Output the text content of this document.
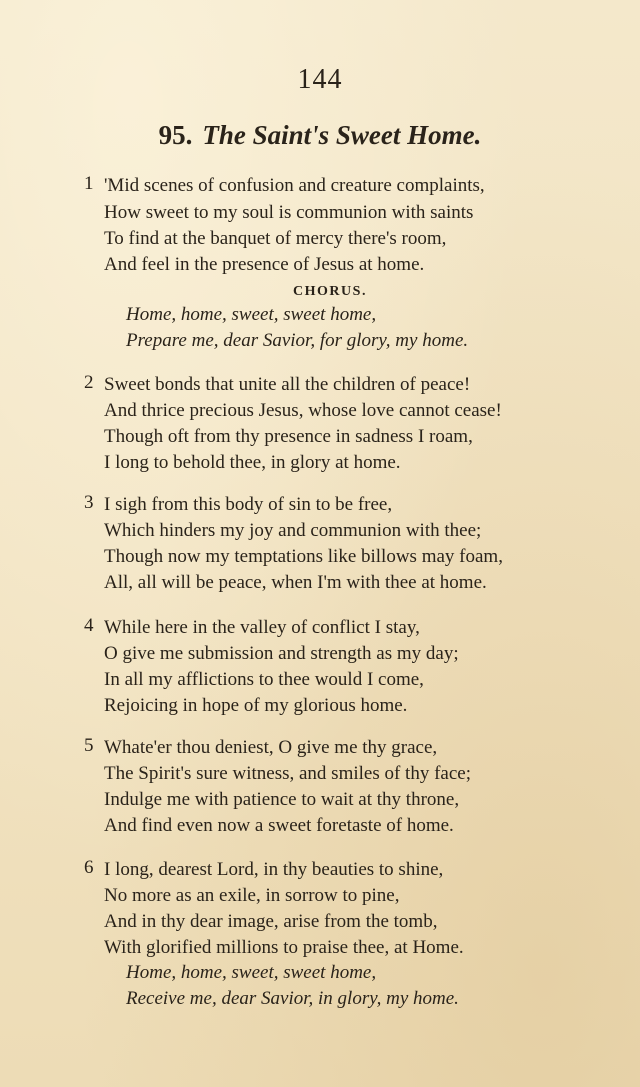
144
95. The Saint's Sweet Home.
1 'Mid scenes of confusion and creature complaints,
How sweet to my soul is communion with saints
To find at the banquet of mercy there's room,
And feel in the presence of Jesus at home.
CHORUS.
Home, home, sweet, sweet home,
Prepare me, dear Savior, for glory, my home.
2 Sweet bonds that unite all the children of peace!
And thrice precious Jesus, whose love cannot cease!
Though oft from thy presence in sadness I roam,
I long to behold thee, in glory at home.
3 I sigh from this body of sin to be free,
Which hinders my joy and communion with thee;
Though now my temptations like billows may foam,
All, all will be peace, when I'm with thee at home.
4 While here in the valley of conflict I stay,
O give me submission and strength as my day;
In all my afflictions to thee would I come,
Rejoicing in hope of my glorious home.
5 Whate'er thou deniest, O give me thy grace,
The Spirit's sure witness, and smiles of thy face;
Indulge me with patience to wait at thy throne,
And find even now a sweet foretaste of home.
6 I long, dearest Lord, in thy beauties to shine,
No more as an exile, in sorrow to pine,
And in thy dear image, arise from the tomb,
With glorified millions to praise thee, at Home.
Home, home, sweet, sweet home,
Receive me, dear Savior, in glory, my home.
